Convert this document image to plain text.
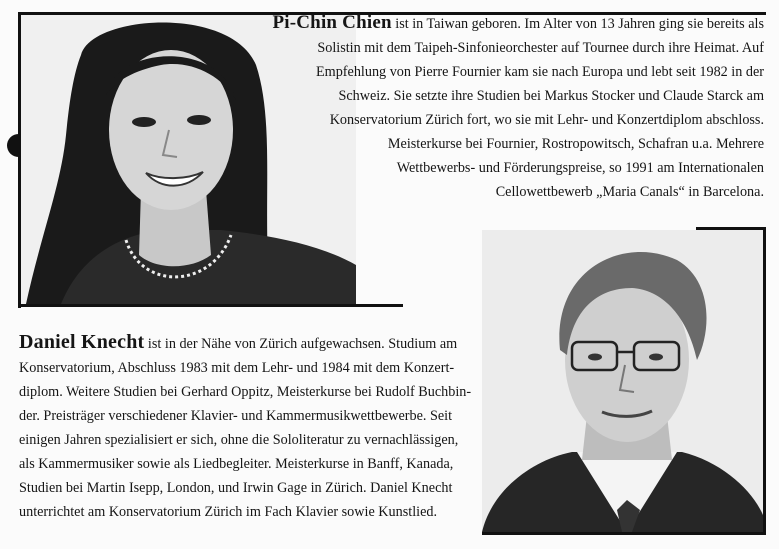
Pi-Chin Chien ist in Taiwan geboren. Im Alter von 13 Jahren ging sie bereits als
Solistin mit dem Taipeh-Sinfonieorchester auf Tournee durch ihre Heimat. Auf
Empfehlung von Pierre Fournier kam sie nach Europa und lebt seit 1982 in der
Schweiz. Sie setzte ihre Studien bei Markus Stocker und Claude Starck am
Konservatorium Zürich fort, wo sie mit Lehr- und Konzertdiplom abschloss.
Meisterkurse bei Fournier, Rostropowitsch, Schafran u.a. Mehrere
Wettbewerbs- und Förderungspreise, so 1991 am Internationalen
Cellowettbewerb „Maria Canals“ in Barcelona.
Daniel Knecht ist in der Nähe von Zürich aufgewachsen. Studium am
Konservatorium, Abschluss 1983 mit dem Lehr- und 1984 mit dem Konzert-
diplom. Weitere Studien bei Gerhard Oppitz, Meisterkurse bei Rudolf Buchbin-
der. Preisträger verschiedener Klavier- und Kammermusikwettbewerbe. Seit
einigen Jahren spezialisiert er sich, ohne die Sololiteratur zu vernachlässigen,
als Kammermusiker sowie als Liedbegleiter. Meisterkurse in Banff, Kanada,
Studien bei Martin Isepp, London, und Irwin Gage in Zürich. Daniel Knecht
unterrichtet am Konservatorium Zürich im Fach Klavier sowie Kunstlied.
